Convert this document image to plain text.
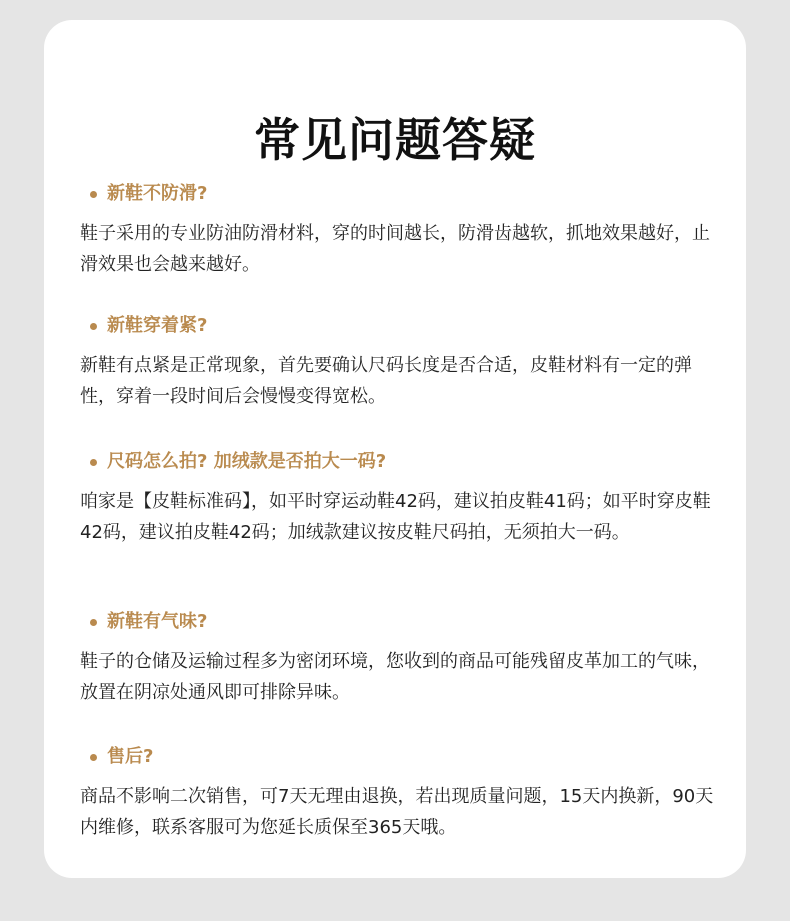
常见问题答疑
新鞋不防滑?
鞋子采用的专业防油防滑材料，穿的时间越长，防滑齿越软，抓地效果越好，止滑效果也会越来越好。
新鞋穿着紧?
新鞋有点紧是正常现象，首先要确认尺码长度是否合适，皮鞋材料有一定的弹性，穿着一段时间后会慢慢变得宽松。
尺码怎么拍? 加绒款是否拍大一码?
咱家是【皮鞋标准码】，如平时穿运动鞋42码，建议拍皮鞋41码；如平时穿皮鞋42码，建议拍皮鞋42码；加绒款建议按皮鞋尺码拍，无须拍大一码。
新鞋有气味?
鞋子的仓储及运输过程多为密闭环境，您收到的商品可能残留皮革加工的气味，放置在阴凉处通风即可排除异味。
售后?
商品不影响二次销售，可7天无理由退换，若出现质量问题，15天内换新，90天内维修，联系客服可为您延长质保至365天哦。
